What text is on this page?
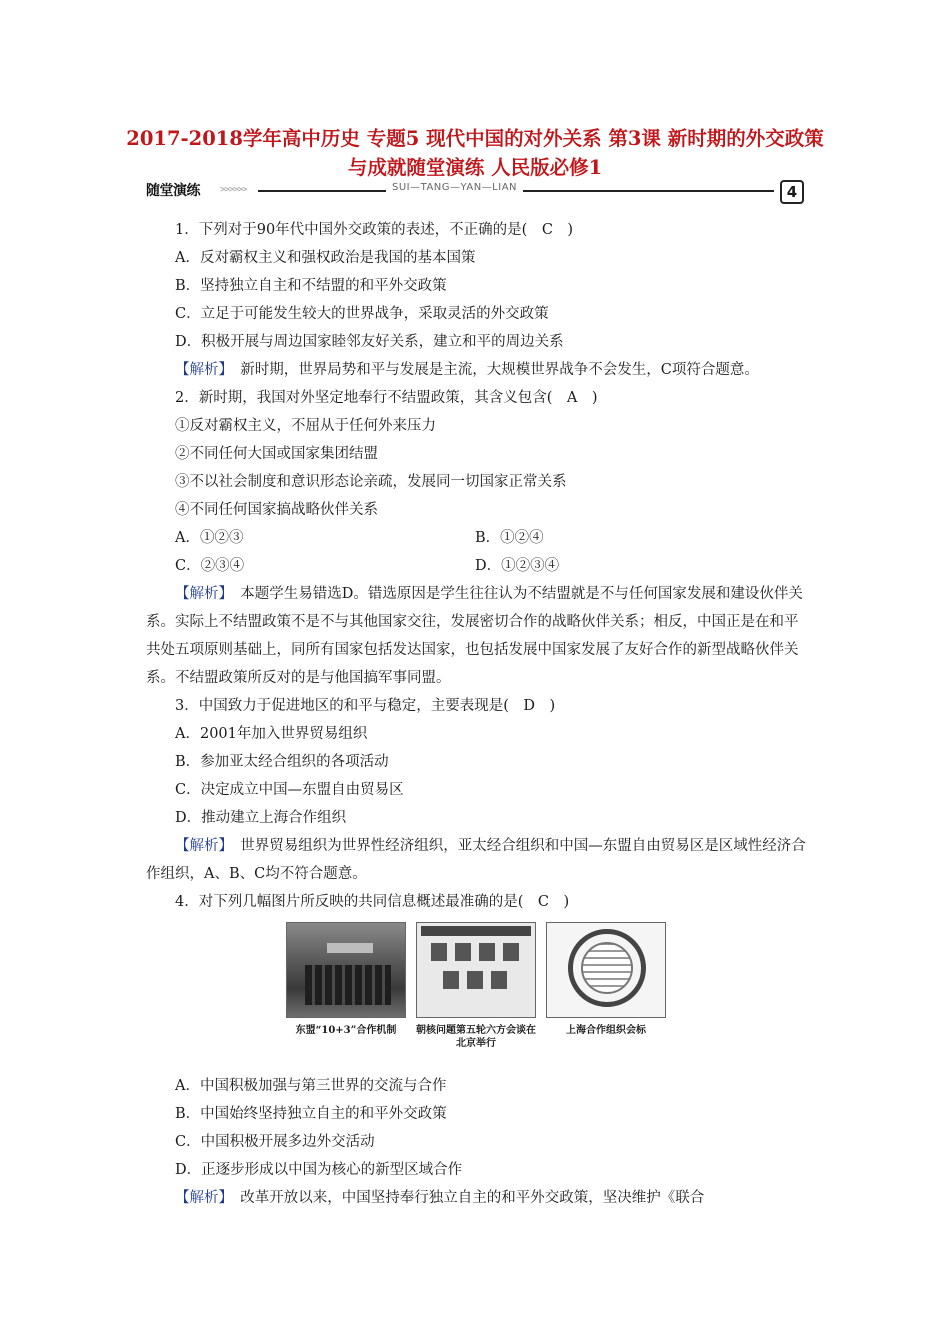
2017-2018学年高中历史 专题5 现代中国的对外关系 第3课 新时期的外交政策与成就随堂演练 人民版必修1
随堂演练 >>>>>>	SUI—TANG—YAN—LIAN	4

1．下列对于90年代中国外交政策的表述，不正确的是(　C　)

A．反对霸权主义和强权政治是我国的基本国策

B．坚持独立自主和不结盟的和平外交政策

C．立足于可能发生较大的世界战争，采取灵活的外交政策

D．积极开展与周边国家睦邻友好关系，建立和平的周边关系

【解析】　新时期，世界局势和平与发展是主流，大规模世界战争不会发生，C项符合题意。

2．新时期，我国对外坚定地奉行不结盟政策，其含义包含(　A　)

①反对霸权主义，不屈从于任何外来压力

②不同任何大国或国家集团结盟

③不以社会制度和意识形态论亲疏，发展同一切国家正常关系

④不同任何国家搞战略伙伴关系

A．①②③	B．①②④
C．②③④	D．①②③④

【解析】　本题学生易错选D。错选原因是学生往往认为不结盟就是不与任何国家发展和建设伙伴关系。实际上不结盟政策不是不与其他国家交往，发展密切合作的战略伙伴关系；相反，中国正是在和平共处五项原则基础上，同所有国家包括发达国家，也包括发展中国家发展了友好合作的新型战略伙伴关系。不结盟政策所反对的是与他国搞军事同盟。

3．中国致力于促进地区的和平与稳定，主要表现是(　D　)

A．2001年加入世界贸易组织

B．参加亚太经合组织的各项活动

C．决定成立中国—东盟自由贸易区

D．推动建立上海合作组织

【解析】　世界贸易组织为世界性经济组织，亚太经合组织和中国—东盟自由贸易区是区域性经济合作组织，A、B、C均不符合题意。

4．对下列几幅图片所反映的共同信息概述最准确的是(　C　)

东盟“10+3”合作机制	朝核问题第五轮六方会谈在北京举行
上海合作组织会标

A．中国积极加强与第三世界的交流与合作

B．中国始终坚持独立自主的和平外交政策

C．中国积极开展多边外交活动

D．正逐步形成以中国为核心的新型区域合作

【解析】　改革开放以来，中国坚持奉行独立自主的和平外交政策，坚决维护《联合
